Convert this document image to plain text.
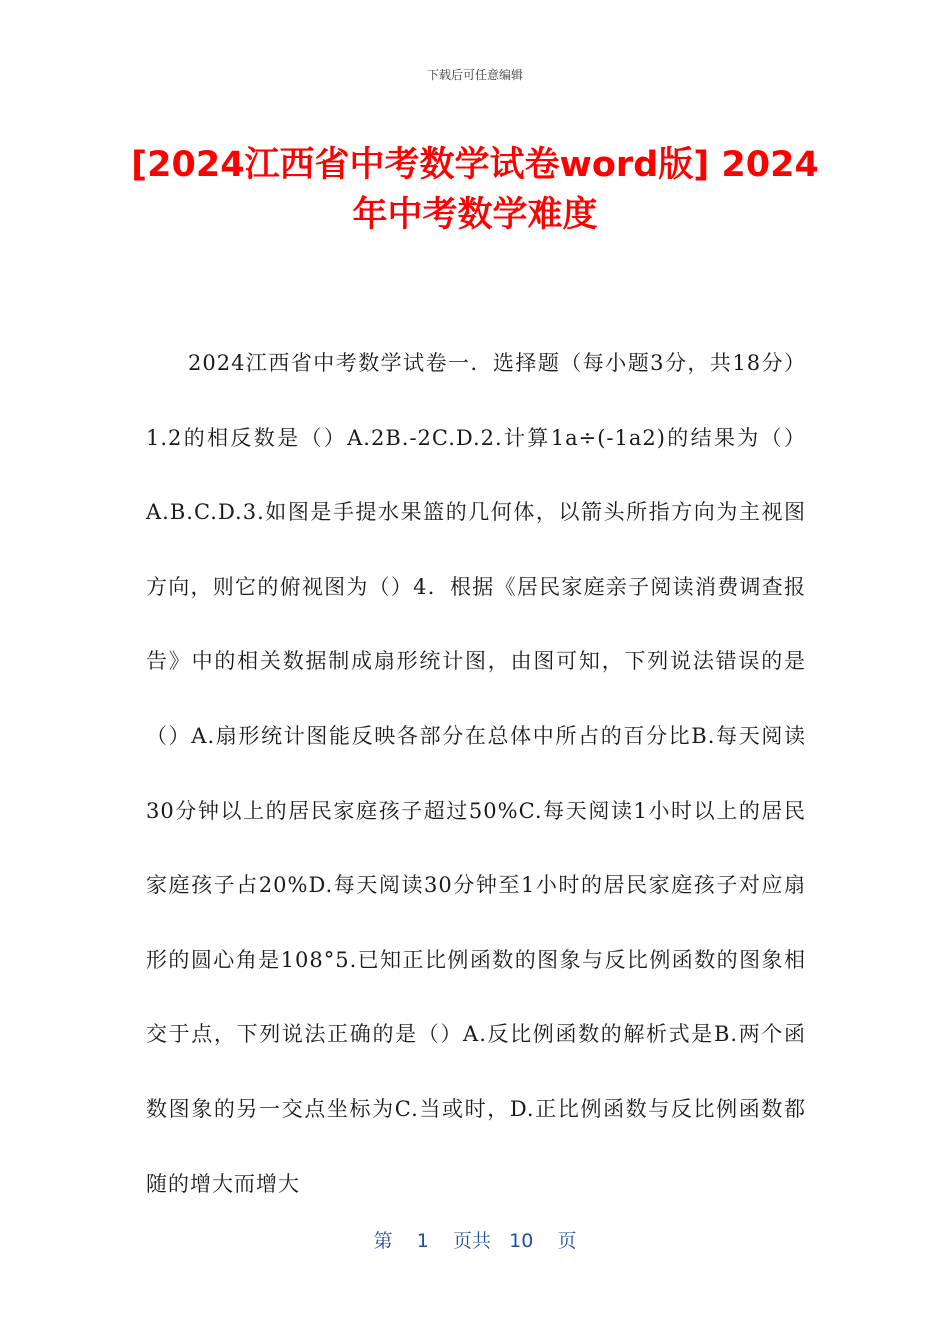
下载后可任意编辑
[2024江西省中考数学试卷word版] 2024年中考数学难度

2024江西省中考数学试卷一．选择题（每小题3分，共18分）1.2的相反数是（）A.2B.-2C.D.2.计算1a÷(-1a2)的结果为（）A.B.C.D.3.如图是手提水果篮的几何体，以箭头所指方向为主视图方向，则它的俯视图为（）4．根据《居民家庭亲子阅读消费调查报告》中的相关数据制成扇形统计图，由图可知，下列说法错误的是（）A.扇形统计图能反映各部分在总体中所占的百分比B.每天阅读30分钟以上的居民家庭孩子超过50%C.每天阅读1小时以上的居民家庭孩子占20%D.每天阅读30分钟至1小时的居民家庭孩子对应扇形的圆心角是108°5.已知正比例函数的图象与反比例函数的图象相交于点，下列说法正确的是（）A.反比例函数的解析式是B.两个函数图象的另一交点坐标为C.当或时，D.正比例函数与反比例函数都随的增大而增大

第 1 页共 10 页
